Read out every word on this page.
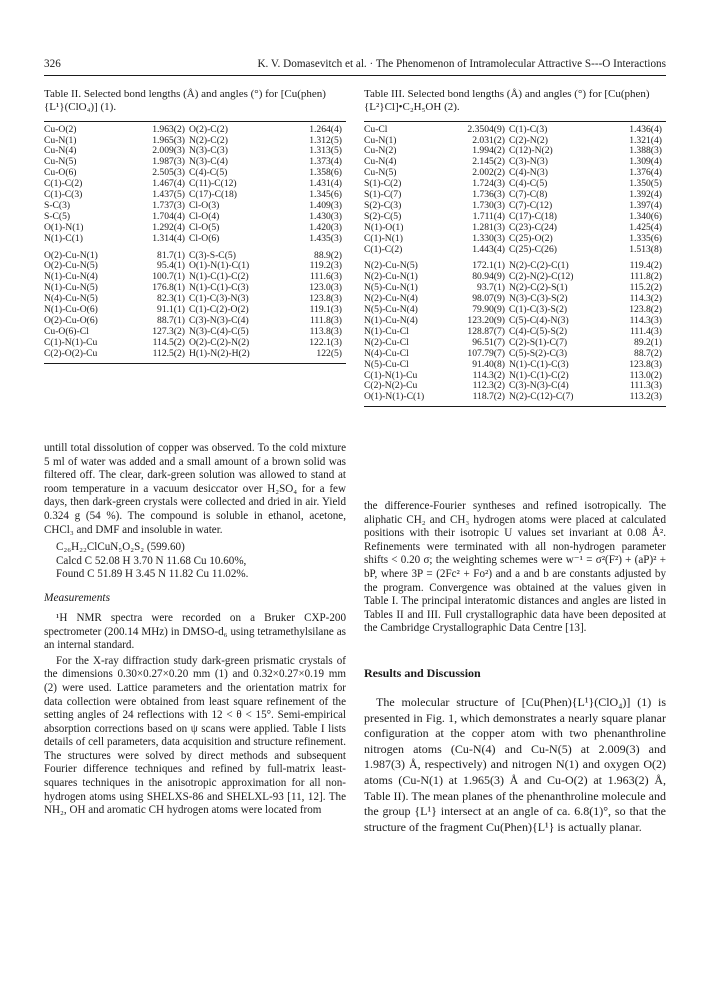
326	K. V. Domasevitch et al. · The Phenomenon of Intramolecular Attractive S---O Interactions

Table II. Selected bond lengths (Å) and angles (°) for [Cu(phen){L¹}(ClO₄)] (1).

Cu-O(2)	1.963(2)	O(2)-C(2)	1.264(4)
Cu-N(1)	1.965(3)	N(2)-C(2)	1.312(5)
Cu-N(4)	2.009(3)	N(3)-C(3)	1.313(5)
Cu-N(5)	1.987(3)	N(3)-C(4)	1.373(4)
Cu-O(6)	2.505(3)	C(4)-C(5)	1.358(6)
C(1)-C(2)	1.467(4)	C(11)-C(12)	1.431(4)
C(1)-C(3)	1.437(5)	C(17)-C(18)	1.345(6)
S-C(3)	1.737(3)	Cl-O(3)	1.409(3)
S-C(5)	1.704(4)	Cl-O(4)	1.430(3)
O(1)-N(1)	1.292(4)	Cl-O(5)	1.420(3)
N(1)-C(1)	1.314(4)	Cl-O(6)	1.435(3)
O(2)-Cu-N(1)	81.7(1)	C(3)-S-C(5)	88.9(2)
O(2)-Cu-N(5)	95.4(1)	O(1)-N(1)-C(1)	119.2(3)
N(1)-Cu-N(4)	100.7(1)	N(1)-C(1)-C(2)	111.6(3)
N(1)-Cu-N(5)	176.8(1)	N(1)-C(1)-C(3)	123.0(3)
N(4)-Cu-N(5)	82.3(1)	C(1)-C(3)-N(3)	123.8(3)
N(1)-Cu-O(6)	91.1(1)	C(1)-C(2)-O(2)	119.1(3)
O(2)-Cu-O(6)	88.7(1)	C(3)-N(3)-C(4)	111.8(3)
Cu-O(6)-Cl	127.3(2)	N(3)-C(4)-C(5)	113.8(3)
C(1)-N(1)-Cu	114.5(2)	O(2)-C(2)-N(2)	122.1(3)
C(2)-O(2)-Cu	112.5(2)	H(1)-N(2)-H(2)	122(5)

untill total dissolution of copper was observed. To the cold mixture 5 ml of water was added and a small amount of a brown solid was filtered off. The clear, dark-green solution was allowed to stand at room temperature in a vacuum desiccator over H₂SO₄ for a few days, then dark-green crystals were collected and dried in air. Yield 0.324 g (54 %). The compound is soluble in ethanol, acetone, CHCl₃ and DMF and insoluble in water.

C₂₆H₂₂ClCuN₅O₂S₂ (599.60)

Calcd C 52.08 H 3.70 N 11.68 Cu 10.60%,

Found C 51.89 H 3.45 N 11.82 Cu 11.02%.

Measurements

¹H NMR spectra were recorded on a Bruker CXP-200 spectrometer (200.14 MHz) in DMSO-d₆ using tetramethylsilane as an internal standard.

For the X-ray diffraction study dark-green prismatic crystals of the dimensions 0.30×0.27×0.20 mm (1) and 0.32×0.27×0.19 mm (2) were used. Lattice parameters and the orientation matrix for data collection were obtained from least square refinement of the setting angles of 24 reflections with 12 < θ < 15°. Semi-empirical absorption corrections based on ψ scans were applied. Table I lists details of cell parameters, data acquisition and structure refinement. The structures were solved by direct methods and subsequent Fourier difference techniques and refined by full-matrix least-squares techniques in the anisotropic approximation for all non-hydrogen atoms using SHELXS-86 and SHELXL-93 [11, 12]. The NH₂, OH and aromatic CH hydrogen atoms were located from

Table III. Selected bond lengths (Å) and angles (°) for [Cu(phen){L²}Cl]•C₂H₅OH (2).

Cu-Cl	2.3504(9)	C(1)-C(3)	1.436(4)
Cu-N(1)	2.031(2)	C(2)-N(2)	1.321(4)
Cu-N(2)	1.994(2)	C(12)-N(2)	1.388(3)
Cu-N(4)	2.145(2)	C(3)-N(3)	1.309(4)
Cu-N(5)	2.002(2)	C(4)-N(3)	1.376(4)
S(1)-C(2)	1.724(3)	C(4)-C(5)	1.350(5)
S(1)-C(7)	1.736(3)	C(7)-C(8)	1.392(4)
S(2)-C(3)	1.730(3)	C(7)-C(12)	1.397(4)
S(2)-C(5)	1.711(4)	C(17)-C(18)	1.340(6)
N(1)-O(1)	1.281(3)	C(23)-C(24)	1.425(4)
C(1)-N(1)	1.330(3)	C(25)-O(2)	1.335(6)
C(1)-C(2)	1.443(4)	C(25)-C(26)	1.513(8)
N(2)-Cu-N(5)	172.1(1)	N(2)-C(2)-C(1)	119.4(2)
N(2)-Cu-N(1)	80.94(9)	C(2)-N(2)-C(12)	111.8(2)
N(5)-Cu-N(1)	93.7(1)	N(2)-C(2)-S(1)	115.2(2)
N(2)-Cu-N(4)	98.07(9)	N(3)-C(3)-S(2)	114.3(2)
N(5)-Cu-N(4)	79.90(9)	C(1)-C(3)-S(2)	123.8(2)
N(1)-Cu-N(4)	123.20(9)	C(5)-C(4)-N(3)	114.3(3)
N(1)-Cu-Cl	128.87(7)	C(4)-C(5)-S(2)	111.4(3)
N(2)-Cu-Cl	96.51(7)	C(2)-S(1)-C(7)	89.2(1)
N(4)-Cu-Cl	107.79(7)	C(5)-S(2)-C(3)	88.7(2)
N(5)-Cu-Cl	91.40(8)	N(1)-C(1)-C(3)	123.8(3)
C(1)-N(1)-Cu	114.3(2)	N(1)-C(1)-C(2)	113.0(2)
C(2)-N(2)-Cu	112.3(2)	C(3)-N(3)-C(4)	111.3(3)
O(1)-N(1)-C(1)	118.7(2)	N(2)-C(12)-C(7)	113.2(3)

the difference-Fourier syntheses and refined isotropically. The aliphatic CH₂ and CH₃ hydrogen atoms were placed at calculated positions with their isotropic U values set invariant at 0.08 Å². Refinements were terminated with all non-hydrogen parameter shifts < 0.20 σ; the weighting schemes were w⁻¹ = σ²(F²) + (aP)² + bP, where 3P = (2Fc² + Fo²) and a and b are constants adjusted by the program. Convergence was obtained at the values given in Table I. The principal interatomic distances and angles are listed in Tables II and III. Full crystallographic data have been deposited at the Cambridge Crystallographic Data Centre [13].

Results and Discussion

The molecular structure of [Cu(Phen){L¹}(ClO₄)] (1) is presented in Fig. 1, which demonstrates a nearly square planar configuration at the copper atom with two phenanthroline nitrogen atoms (Cu-N(4) and Cu-N(5) at 2.009(3) and 1.987(3) Å, respectively) and nitrogen N(1) and oxygen O(2) atoms (Cu-N(1) at 1.965(3) Å and Cu-O(2) at 1.963(2) Å, Table II). The mean planes of the phenanthroline molecule and the group {L¹} intersect at an angle of ca. 6.8(1)°, so that the structure of the fragment Cu(Phen){L¹} is actually planar.
